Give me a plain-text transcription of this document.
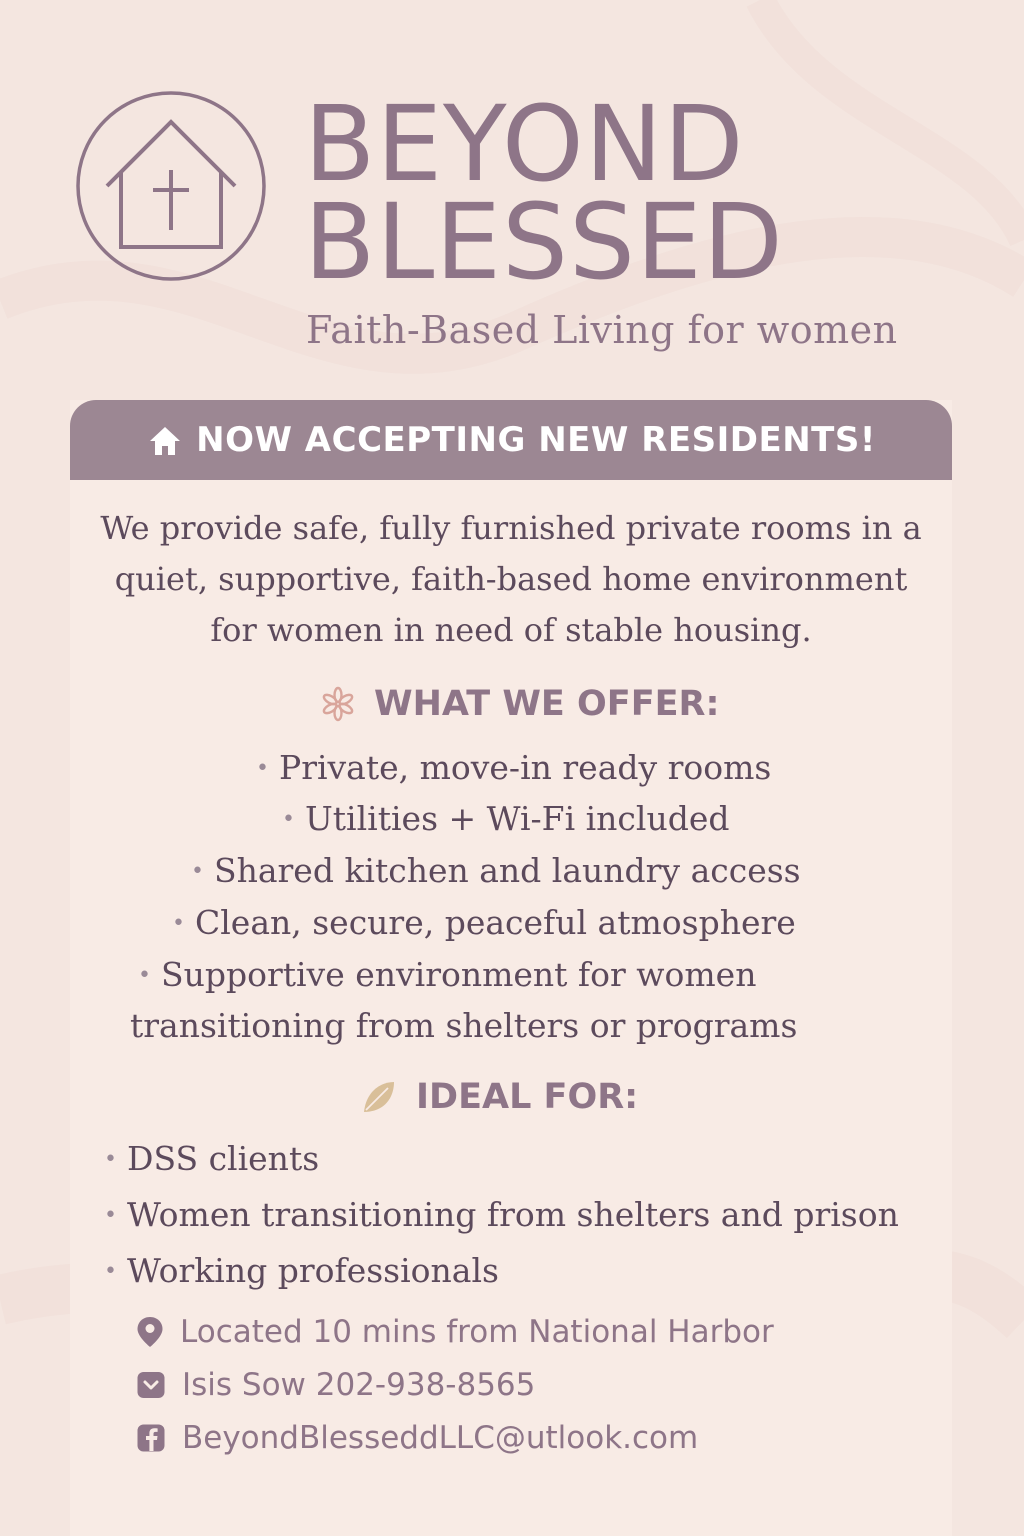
BEYOND
BLESSED
Faith-Based Living for women
NOW ACCEPTING NEW RESIDENTS!
We provide safe, fully furnished private rooms in a
quiet, supportive, faith-based home environment
for women in need of stable housing.
WHAT WE OFFER:
• Private, move-in ready rooms
• Utilities + Wi-Fi included
• Shared kitchen and laundry access
• Clean, secure, peaceful atmosphere
• Supportive environment for women
transitioning from shelters or programs
IDEAL FOR:
• DSS clients
• Women transitioning from shelters and prison
• Working professionals
Located 10 mins from National Harbor
Isis Sow 202-938-8565
BeyondBlesseddLLC@utlook.com
